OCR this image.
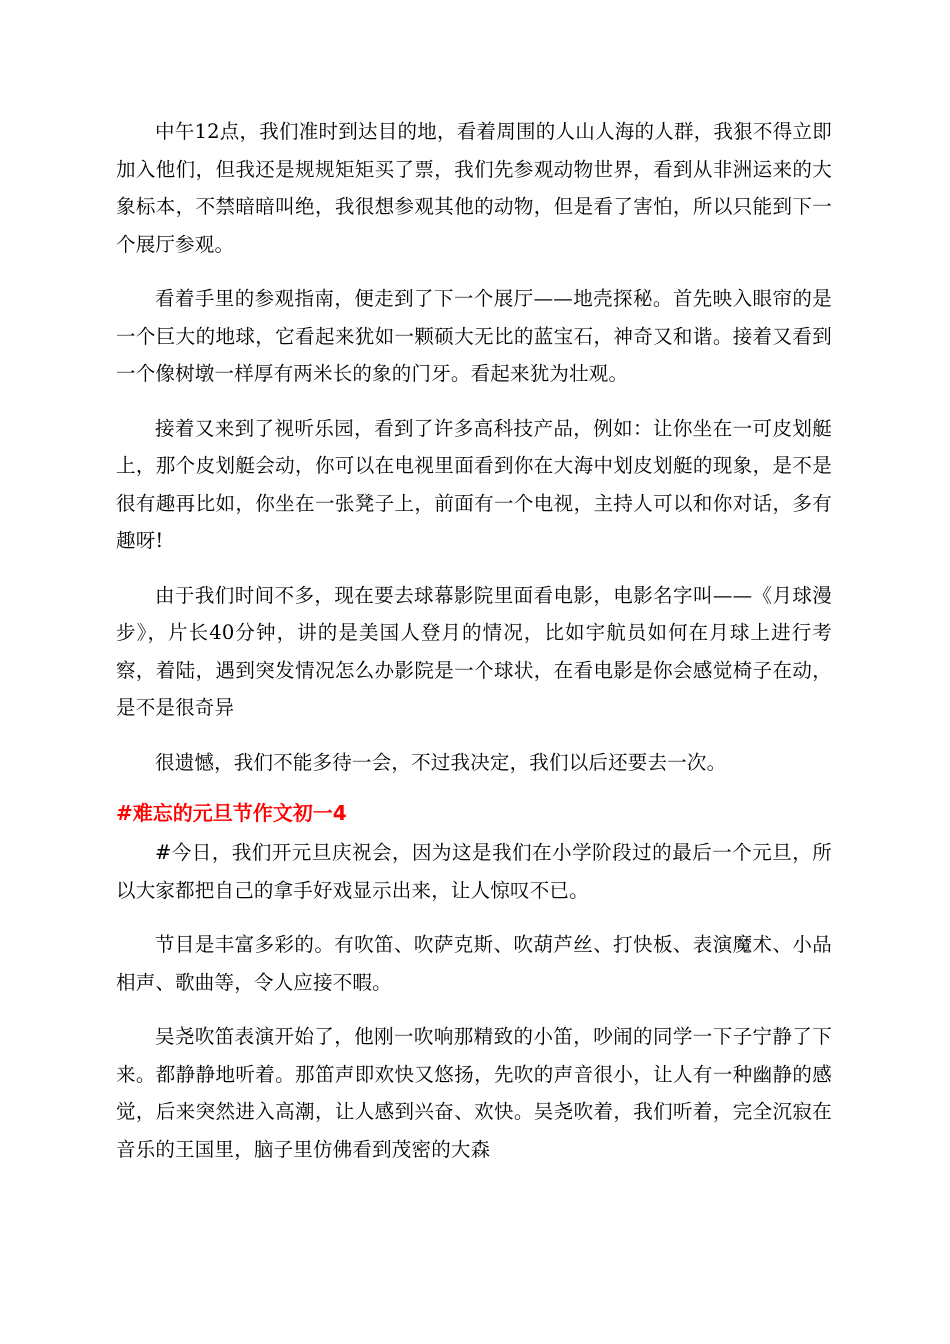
中午12点，我们准时到达目的地，看着周围的人山人海的人群，我狠不得立即加入他们，但我还是规规矩矩买了票，我们先参观动物世界，看到从非洲运来的大象标本，不禁暗暗叫绝，我很想参观其他的动物，但是看了害怕，所以只能到下一个展厅参观。

看着手里的参观指南，便走到了下一个展厅——地壳探秘。首先映入眼帘的是一个巨大的地球，它看起来犹如一颗硕大无比的蓝宝石，神奇又和谐。接着又看到一个像树墩一样厚有两米长的象的门牙。看起来犹为壮观。

接着又来到了视听乐园，看到了许多高科技产品，例如：让你坐在一可皮划艇上，那个皮划艇会动，你可以在电视里面看到你在大海中划皮划艇的现象，是不是很有趣再比如，你坐在一张凳子上，前面有一个电视，主持人可以和你对话，多有趣呀!

由于我们时间不多，现在要去球幕影院里面看电影，电影名字叫——《月球漫步》，片长40分钟，讲的是美国人登月的情况，比如宇航员如何在月球上进行考察，着陆，遇到突发情况怎么办影院是一个球状，在看电影是你会感觉椅子在动，是不是很奇异

很遗憾，我们不能多待一会，不过我决定，我们以后还要去一次。

#难忘的元旦节作文初一4

#今日，我们开元旦庆祝会，因为这是我们在小学阶段过的最后一个元旦，所以大家都把自己的拿手好戏显示出来，让人惊叹不已。

节目是丰富多彩的。有吹笛、吹萨克斯、吹葫芦丝、打快板、表演魔术、小品相声、歌曲等，令人应接不暇。

吴尧吹笛表演开始了，他刚一吹响那精致的小笛，吵闹的同学一下子宁静了下来。都静静地听着。那笛声即欢快又悠扬，先吹的声音很小，让人有一种幽静的感觉，后来突然进入高潮，让人感到兴奋、欢快。吴尧吹着，我们听着，完全沉寂在音乐的王国里，脑子里仿佛看到茂密的大森
